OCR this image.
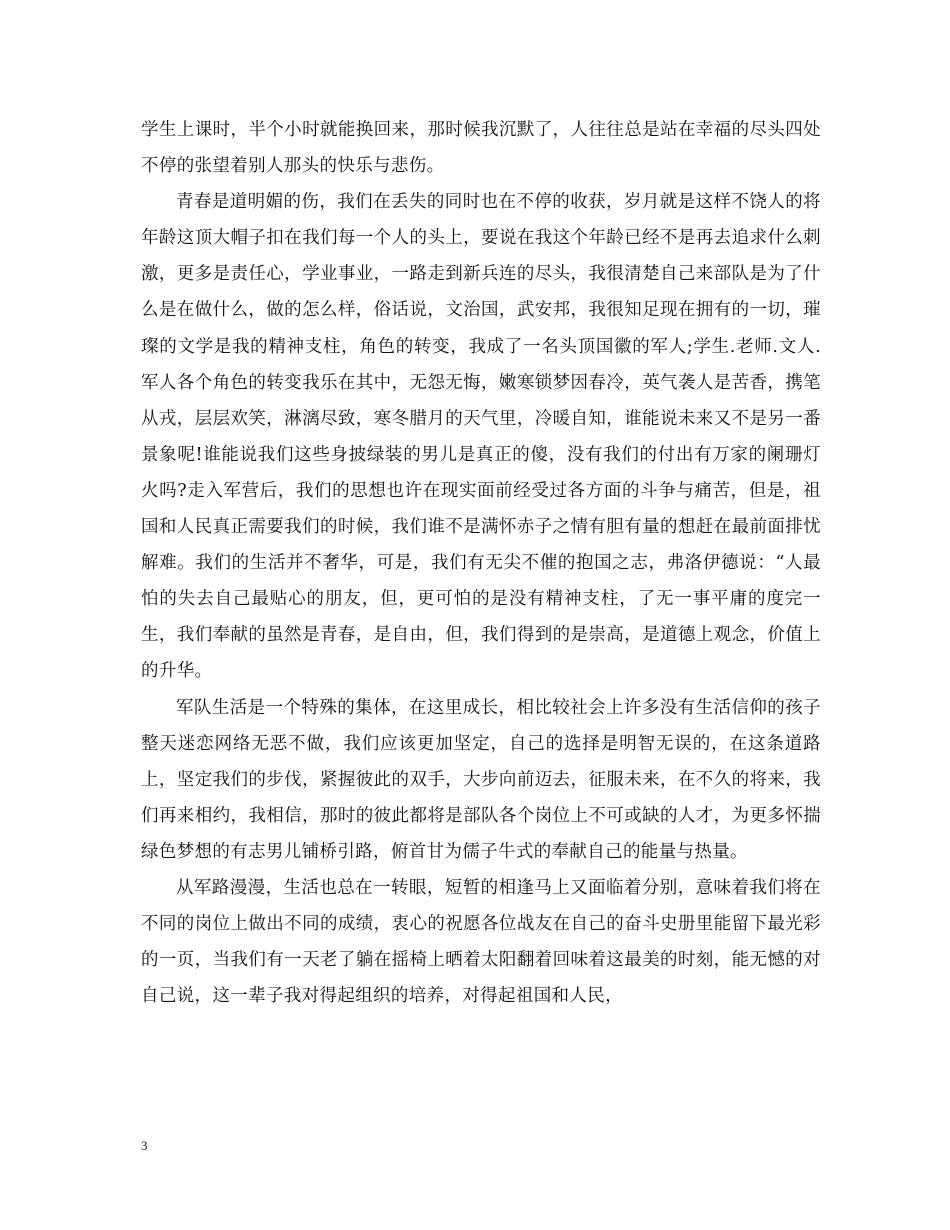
学生上课时，半个小时就能换回来，那时候我沉默了，人往往总是站在幸福的尽头四处不停的张望着别人那头的快乐与悲伤。

青春是道明媚的伤，我们在丢失的同时也在不停的收获，岁月就是这样不饶人的将年龄这顶大帽子扣在我们每一个人的头上，要说在我这个年龄已经不是再去追求什么刺激，更多是责任心，学业事业，一路走到新兵连的尽头，我很清楚自己来部队是为了什么是在做什么，做的怎么样，俗话说，文治国，武安邦，我很知足现在拥有的一切，璀璨的文学是我的精神支柱，角色的转变，我成了一名头顶国徽的军人;学生.老师.文人.军人各个角色的转变我乐在其中，无怨无悔，嫩寒锁梦因春冷，英气袭人是苦香，携笔从戎，层层欢笑，淋漓尽致，寒冬腊月的天气里，冷暖自知，谁能说未来又不是另一番景象呢!谁能说我们这些身披绿装的男儿是真正的傻，没有我们的付出有万家的阑珊灯火吗?走入军营后，我们的思想也许在现实面前经受过各方面的斗争与痛苦，但是，祖国和人民真正需要我们的时候，我们谁不是满怀赤子之情有胆有量的想赶在最前面排忧解难。我们的生活并不奢华，可是，我们有无尖不催的抱国之志，弗洛伊德说：“人最怕的失去自己最贴心的朋友，但，更可怕的是没有精神支柱，了无一事平庸的度完一生，我们奉献的虽然是青春，是自由，但，我们得到的是崇高，是道德上观念，价值上的升华。

军队生活是一个特殊的集体，在这里成长，相比较社会上许多没有生活信仰的孩子整天迷恋网络无恶不做，我们应该更加坚定，自己的选择是明智无误的，在这条道路上，坚定我们的步伐，紧握彼此的双手，大步向前迈去，征服未来，在不久的将来，我们再来相约，我相信，那时的彼此都将是部队各个岗位上不可或缺的人才，为更多怀揣绿色梦想的有志男儿铺桥引路，俯首甘为儒子牛式的奉献自己的能量与热量。

从军路漫漫，生活也总在一转眼，短暂的相逢马上又面临着分别，意味着我们将在不同的岗位上做出不同的成绩，衷心的祝愿各位战友在自己的奋斗史册里能留下最光彩的一页，当我们有一天老了躺在摇椅上晒着太阳翻着回味着这最美的时刻，能无憾的对自己说，这一辈子我对得起组织的培养，对得起祖国和人民，

3
